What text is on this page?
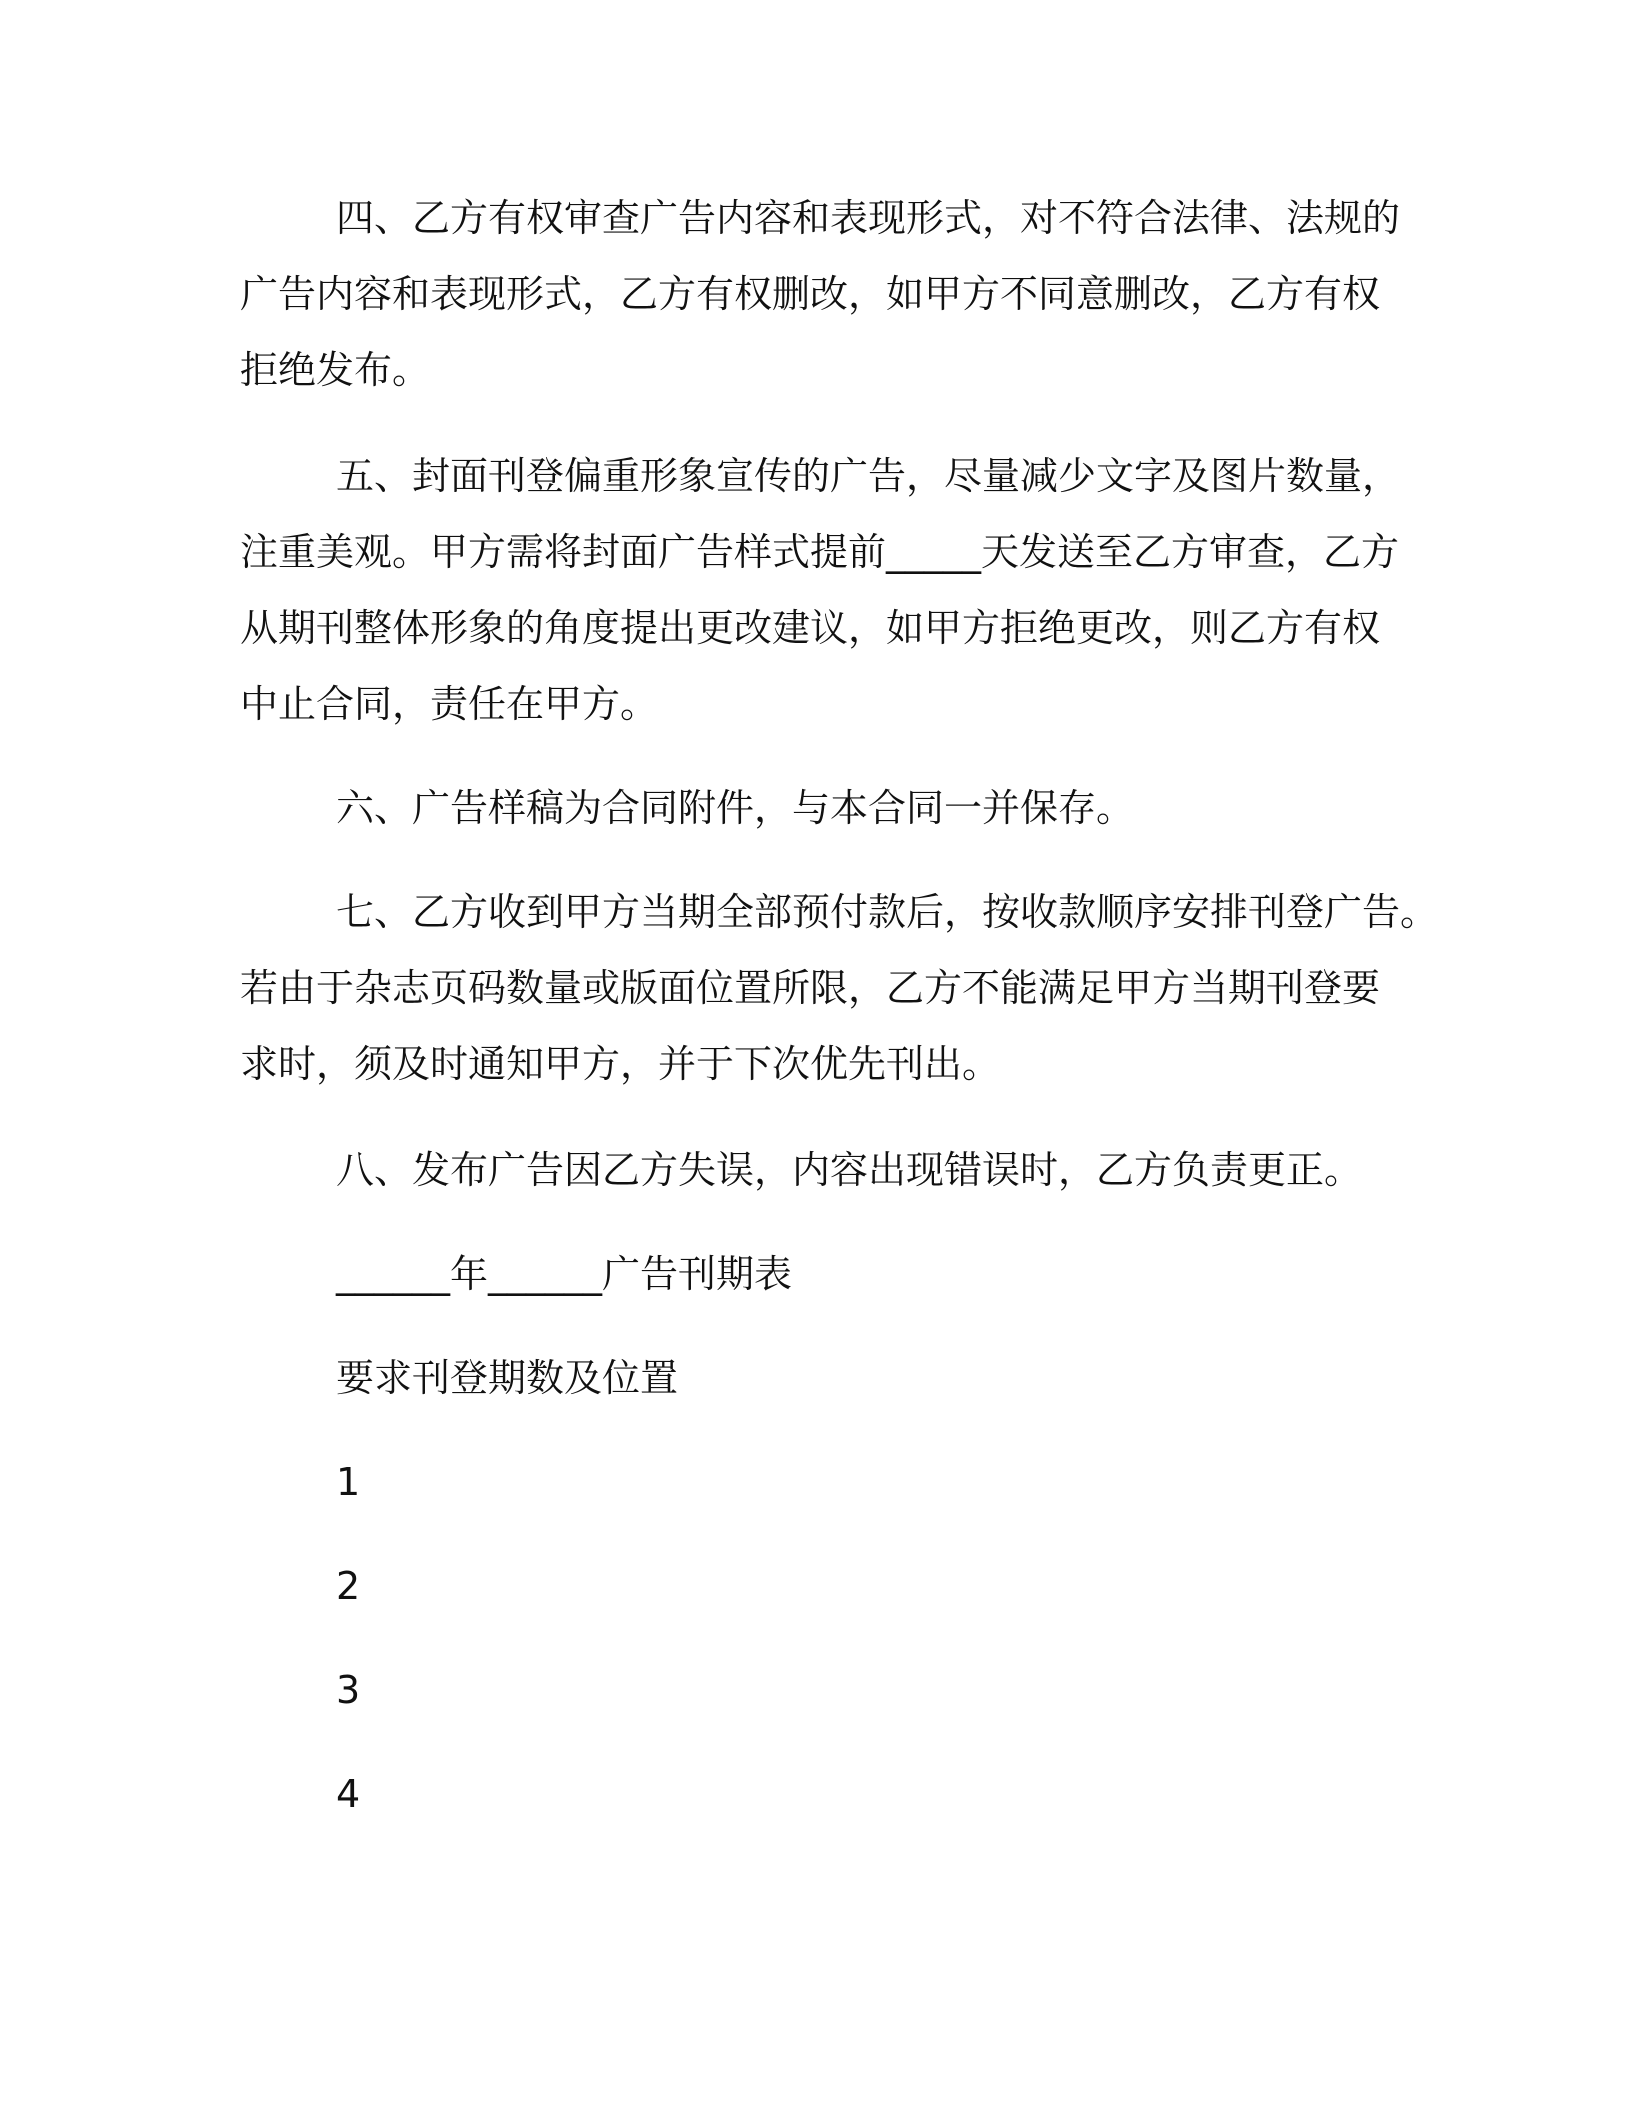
四、乙方有权审查广告内容和表现形式，对不符合法律、法规的
广告内容和表现形式，乙方有权删改，如甲方不同意删改，乙方有权
拒绝发布。
五、封面刊登偏重形象宣传的广告，尽量减少文字及图片数量，
注重美观。甲方需将封面广告样式提前_____天发送至乙方审查，乙方
从期刊整体形象的角度提出更改建议，如甲方拒绝更改，则乙方有权
中止合同，责任在甲方。
六、广告样稿为合同附件，与本合同一并保存。
七、乙方收到甲方当期全部预付款后，按收款顺序安排刊登广告。
若由于杂志页码数量或版面位置所限，乙方不能满足甲方当期刊登要
求时，须及时通知甲方，并于下次优先刊出。
八、发布广告因乙方失误，内容出现错误时，乙方负责更正。
______年______广告刊期表
要求刊登期数及位置
1
2
3
4
